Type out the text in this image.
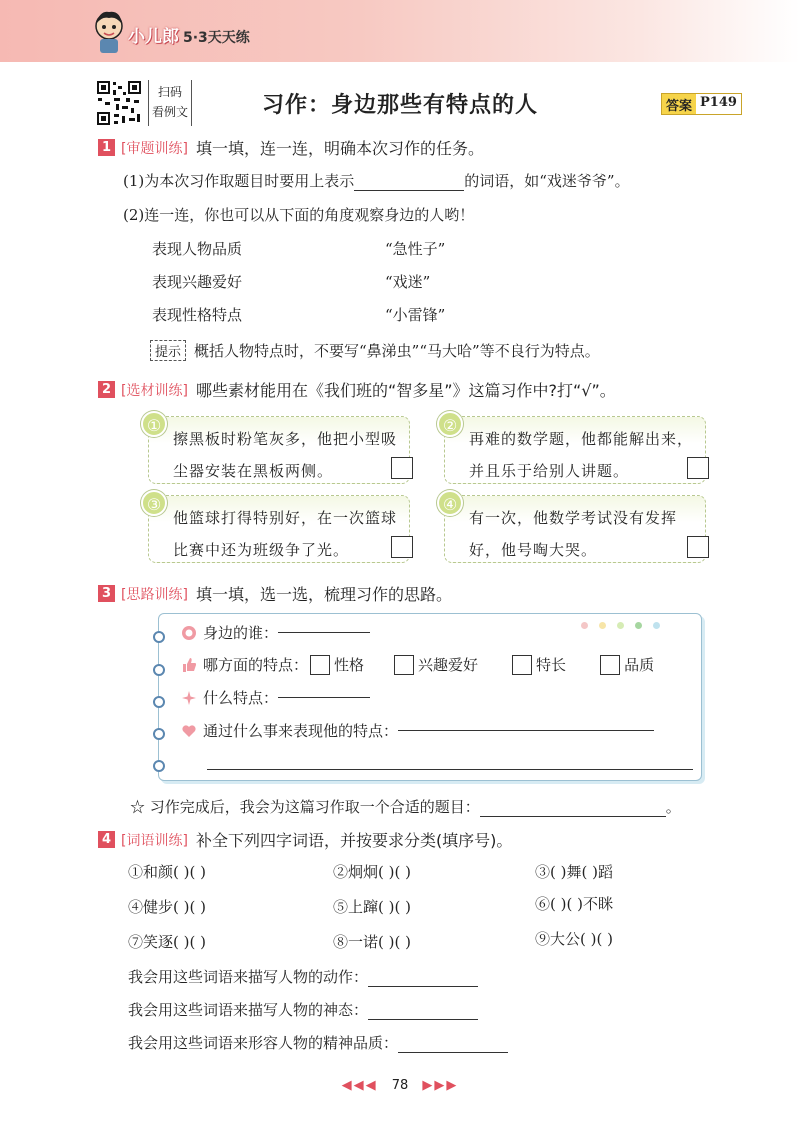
小儿郎 5·3天天练
扫码
看例文	习作：身边那些有特点的人	答案 P149
1 [审题训练] 填一填，连一连，明确本次习作的任务。
(1)为本次习作取题目时要用上表示	的词语，如“戏迷爷爷”。
(2)连一连，你也可以从下面的角度观察身边的人哟！
表现人物品质
表现兴趣爱好
表现性格特点
“急性子”
“戏迷”
“小雷锋”
提示 概括人物特点时，不要写“鼻涕虫”“马大哈”等不良行为特点。
2 [选材训练] 哪些素材能用在《我们班的“智多星”》这篇习作中?打“√”。
①
擦黑板时粉笔灰多，他把小型吸尘器安装在黑板两侧。
②
再难的数学题，他都能解出来，并且乐于给别人讲题。
③
他篮球打得特别好，在一次篮球比赛中还为班级争了光。
④
有一次，他数学考试没有发挥好，他号啕大哭。
3 [思路训练] 填一填，选一选，梳理习作的思路。
身边的谁：
哪方面的特点： 性格	兴趣爱好	特长	品质
什么特点：
通过什么事来表现他的特点：
☆ 习作完成后，我会为这篇习作取一个合适的题目：	。
4 [词语训练] 补全下列四字词语，并按要求分类(填序号)。
①和颜( )( )	②炯炯( )( )	③( )舞( )蹈
④健步( )( )	⑤上蹿( )( )	⑥( )( )不眯
⑦笑逐( )( )	⑧一诺( )( )	⑨大公( )( )
我会用这些词语来描写人物的动作：
我会用这些词语来描写人物的神态：
我会用这些词语来形容人物的精神品质：
◀◀◀ 78 ▶▶▶
